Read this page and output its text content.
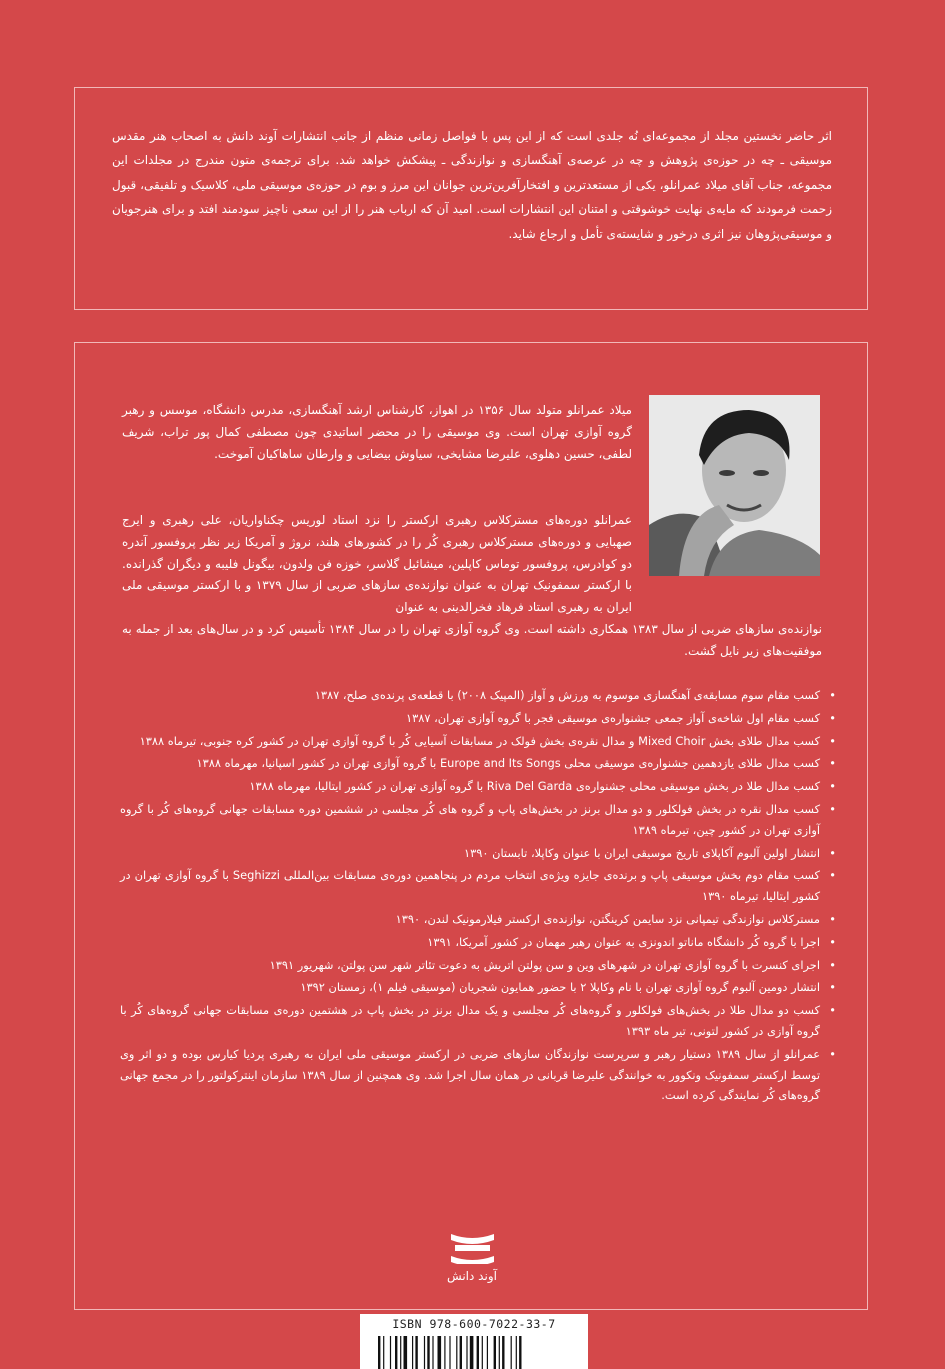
اثر حاضر نخستین مجلد از مجموعه‌ای نُه جلدی است که از این پس با فواصل زمانی منظم از جانب انتشارات آوند دانش به اصحاب هنر مقدس موسیقی ـ چه در حوزه‌ی پژوهش و چه در عرصه‌ی آهنگسازی و نوازندگی ـ پیشکش خواهد شد. برای ترجمه‌ی متون مندرج در مجلدات این مجموعه، جناب آقای میلاد عمرانلو، یکی از مستعدترین و افتخارآفرین‌ترین جوانان این مرز و بوم در حوزه‌ی موسیقی ملی، کلاسیک و تلفیقی، قبول زحمت فرمودند که مایه‌ی نهایت خوشوقتی و امتنان این انتشارات است. امید آن که ارباب هنر را از این سعی ناچیز سودمند افتد و برای هنرجویان و موسیقی‌پژوهان نیز اثری درخور و شایسته‌ی تأمل و ارجاع شاید.

میلاد عمرانلو متولد سال ۱۳۵۶ در اهواز، کارشناس ارشد آهنگسازی، مدرس دانشگاه، موسس و رهبر گروه آوازی تهران است. وی موسیقی را در محضر اساتیدی چون مصطفی کمال پور تراب، شریف لطفی، حسین دهلوی، علیرضا مشایخی، سیاوش بیضایی و وارطان ساهاکیان آموخت.

عمرانلو دوره‌های مسترکلاس رهبری ارکستر را نزد استاد لوریس چکناواریان، علی رهبری و ایرج صهبایی و دوره‌های مسترکلاس رهبری کُر را در کشورهای هلند، نروژ و آمریکا زیر نظر پروفسور آندره دو کوادرس، پروفسور توماس کاپلین، میشائیل گلاسر، خوزه فن ولدون، بیگونل فلیبه و دیگران گذرانده. با ارکستر سمفونیک تهران به عنوان نوازنده‌ی سازهای ضربی از سال ۱۳۷۹ و با ارکستر موسیقی ملی ایران به رهبری استاد فرهاد فخرالدینی به عنوان

نوازنده‌ی سازهای ضربی از سال ۱۳۸۳ همکاری داشته است. وی گروه آوازی تهران را در سال ۱۳۸۴ تأسیس کرد و در سال‌های بعد از جمله به موفقیت‌های زیر نایل گشت.

• کسب مقام سوم مسابقه‌ی آهنگسازی موسوم به ورزش و آواز (المپیک ۲۰۰۸) با قطعه‌ی پرنده‌ی صلح، ۱۳۸۷
• کسب مقام اول شاخه‌ی آواز جمعی جشنواره‌ی موسیقی فجر با گروه آوازی تهران، ۱۳۸۷
• کسب مدال طلای بخش Mixed Choir و مدال نقره‌ی بخش فولک در مسابقات آسیایی کُر با گروه آوازی تهران در کشور کره جنوبی، تیرماه ۱۳۸۸
• کسب مدال طلای یازدهمین جشنواره‌ی موسیقی محلی Europe and Its Songs با گروه آوازی تهران در کشور اسپانیا، مهرماه ۱۳۸۸
• کسب مدال طلا در بخش موسیقی محلی جشنواره‌ی Riva Del Garda با گروه آوازی تهران در کشور ایتالیا، مهرماه ۱۳۸۸
• کسب مدال نقره در بخش فولکلور و دو مدال برنز در بخش‌های پاپ و گروه های کُر مجلسی در ششمین دوره مسابقات جهانی گروه‌های کُر با گروه آوازی تهران در کشور چین، تیرماه ۱۳۸۹
• انتشار اولین آلبوم آکاپلای تاریخ موسیقی ایران با عنوان وکاپلا، تابستان ۱۳۹۰
• کسب مقام دوم بخش موسیقی پاپ و برنده‌ی جایزه ویژه‌ی انتخاب مردم در پنجاهمین دوره‌ی مسابقات بین‌المللی Seghizzi با گروه آوازی تهران در کشور ایتالیا، تیرماه ۱۳۹۰
• مسترکلاس نوازندگی تیمپانی نزد سایمن کرینگتن، نوازنده‌ی ارکستر فیلارمونیک لندن، ۱۳۹۰
• اجرا با گروه کُر دانشگاه ماناتو اندونزی به عنوان رهبر مهمان در کشور آمریکا، ۱۳۹۱
• اجرای کنسرت با گروه آوازی تهران در شهرهای وین و سن پولتن اتریش به دعوت تئاتر شهر سن پولتن، شهریور ۱۳۹۱
• انتشار دومین آلبوم گروه آوازی تهران با نام وکاپلا ۲ با حضور همایون شجریان (موسیقی فیلم ۱)، زمستان ۱۳۹۲
• کسب دو مدال طلا در بخش‌های فولکلور و گروه‌های کُر مجلسی و یک مدال برنز در بخش پاپ در هشتمین دوره‌ی مسابقات جهانی گروه‌های کُر با گروه آوازی در کشور لتونی، تیر ماه ۱۳۹۳
• عمرانلو از سال ۱۳۸۹ دستیار رهبر و سرپرست نوازندگان سازهای ضربی در ارکستر موسیقی ملی ایران به رهبری پردیا کیارس بوده و دو اثر وی توسط ارکستر سمفونیک ونکوور به خوانندگی علیرضا قربانی در همان سال اجرا شد. وی همچنین از سال ۱۳۸۹ سازمان اینترکولتور را در مجمع جهانی گروه‌های کُر نمایندگی کرده است.
آوند دانش
ISBN 978-600-7022-33-7
